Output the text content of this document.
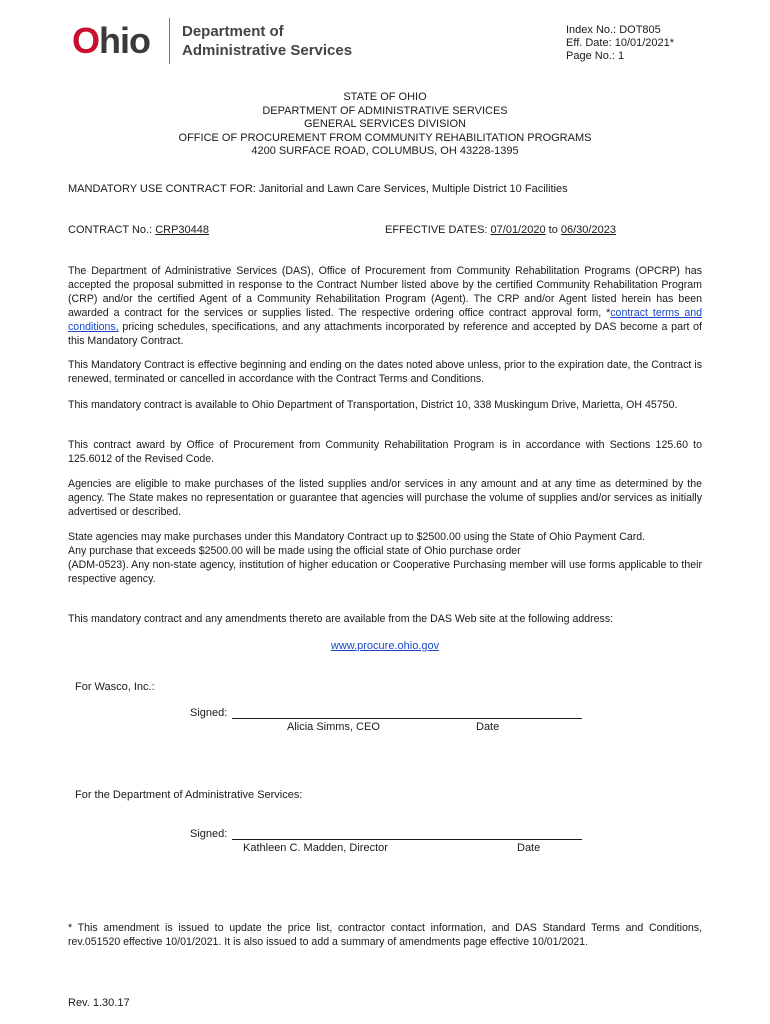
Ohio Department of
Administrative Services
Index No.: DOT805
Eff. Date: 10/01/2021*
Page No.: 1
STATE OF OHIO
DEPARTMENT OF ADMINISTRATIVE SERVICES
GENERAL SERVICES DIVISION
OFFICE OF PROCUREMENT FROM COMMUNITY REHABILITATION PROGRAMS
4200 SURFACE ROAD, COLUMBUS, OH 43228-1395
MANDATORY USE CONTRACT FOR: Janitorial and Lawn Care Services, Multiple District 10 Facilities
CONTRACT No.: CRP30448	EFFECTIVE DATES: 07/01/2020 to 06/30/2023
The Department of Administrative Services (DAS), Office of Procurement from Community Rehabilitation Programs (OPCRP) has accepted the proposal submitted in response to the Contract Number listed above by the certified Community Rehabilitation Program (CRP) and/or the certified Agent of a Community Rehabilitation Program (Agent). The CRP and/or Agent listed herein has been awarded a contract for the services or supplies listed. The respective ordering office contract approval form, *contract terms and conditions, pricing schedules, specifications, and any attachments incorporated by reference and accepted by DAS become a part of this Mandatory Contract.
This Mandatory Contract is effective beginning and ending on the dates noted above unless, prior to the expiration date, the Contract is renewed, terminated or cancelled in accordance with the Contract Terms and Conditions.
This mandatory contract is available to Ohio Department of Transportation, District 10, 338 Muskingum Drive, Marietta, OH 45750.
This contract award by Office of Procurement from Community Rehabilitation Program is in accordance with Sections 125.60 to 125.6012 of the Revised Code.
Agencies are eligible to make purchases of the listed supplies and/or services in any amount and at any time as determined by the agency. The State makes no representation or guarantee that agencies will purchase the volume of supplies and/or services as initially advertised or described.
State agencies may make purchases under this Mandatory Contract up to $2500.00 using the State of Ohio Payment Card.
Any purchase that exceeds $2500.00 will be made using the official state of Ohio purchase order
(ADM-0523). Any non-state agency, institution of higher education or Cooperative Purchasing member will use forms applicable to their respective agency.
This mandatory contract and any amendments thereto are available from the DAS Web site at the following address:
www.procure.ohio.gov
For Wasco, Inc.:
Signed:
Alicia Simms, CEO	Date
For the Department of Administrative Services:
Signed:
Kathleen C. Madden, Director	Date
* This amendment is issued to update the price list, contractor contact information, and DAS Standard Terms and Conditions, rev.051520 effective 10/01/2021. It is also issued to add a summary of amendments page effective 10/01/2021.
Rev. 1.30.17
